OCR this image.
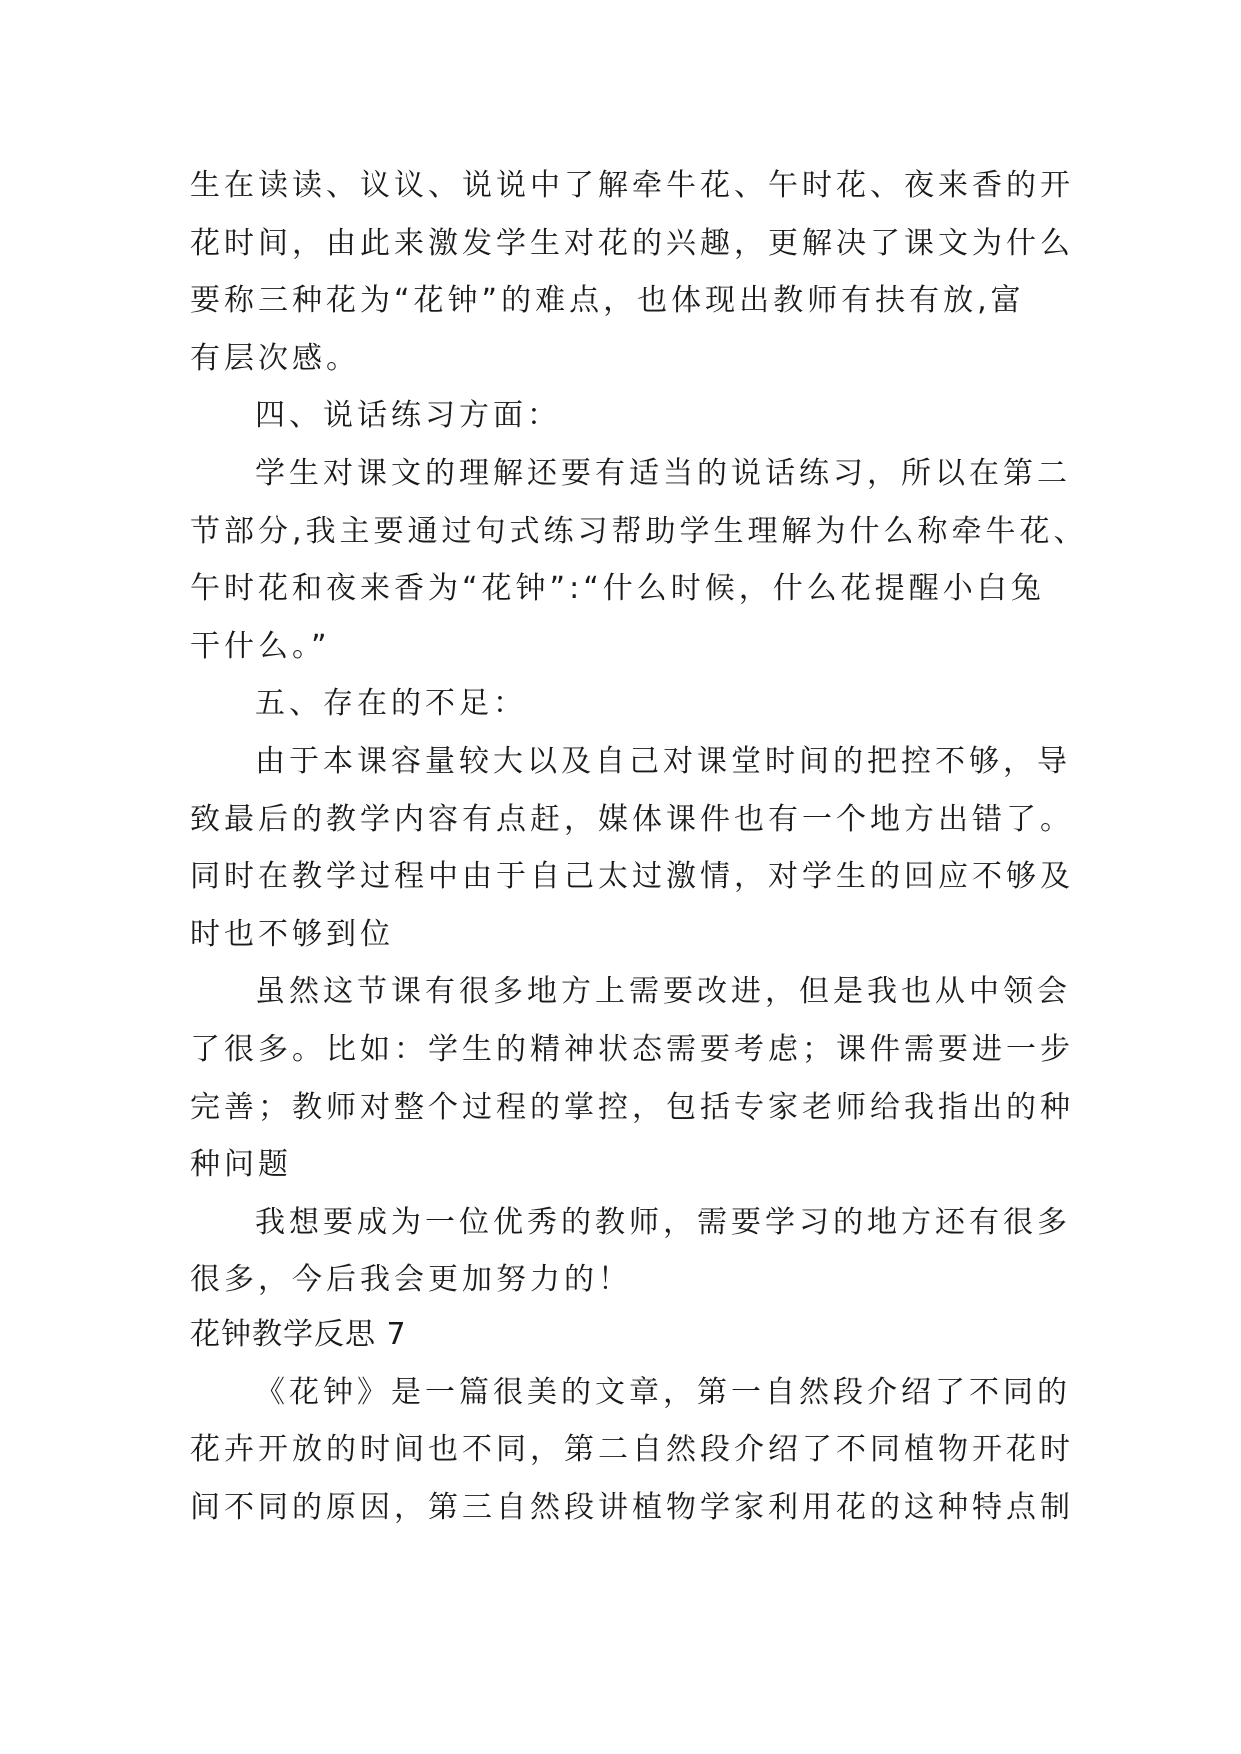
生在读读、议议、说说中了解牵牛花、午时花、夜来香的开
花时间，由此来激发学生对花的兴趣，更解决了课文为什么
要称三种花为“花钟”的难点，也体现出教师有扶有放,富
有层次感。
四、说话练习方面：
学生对课文的理解还要有适当的说话练习，所以在第二
节部分,我主要通过句式练习帮助学生理解为什么称牵牛花、
午时花和夜来香为“花钟”:“什么时候，什么花提醒小白兔
干什么。”
五、存在的不足：
由于本课容量较大以及自己对课堂时间的把控不够，导
致最后的教学内容有点赶，媒体课件也有一个地方出错了。
同时在教学过程中由于自己太过激情，对学生的回应不够及
时也不够到位
虽然这节课有很多地方上需要改进，但是我也从中领会
了很多。比如：学生的精神状态需要考虑；课件需要进一步
完善；教师对整个过程的掌控，包括专家老师给我指出的种
种问题
我想要成为一位优秀的教师，需要学习的地方还有很多
很多，今后我会更加努力的！
花钟教学反思 7
《花钟》是一篇很美的文章，第一自然段介绍了不同的
花卉开放的时间也不同，第二自然段介绍了不同植物开花时
间不同的原因，第三自然段讲植物学家利用花的这种特点制
